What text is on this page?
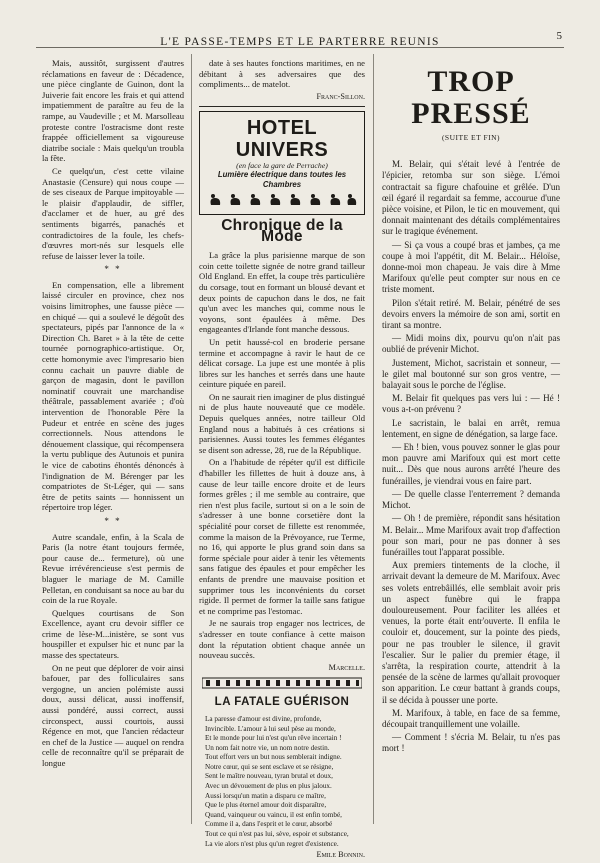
L'E PASSE-TEMPS ET LE PARTERRE REUNIS	5

Mais, aussitôt, surgissent d'autres réclamations en faveur de : Décadence, une pièce cinglante de Guinon, dont la Juiverie fait encore les frais et qui attend impatiemment de paraître au feu de la rampe, au Vaudeville ; et M. Marsolleau proteste contre l'ostracisme dont reste frappée officiellement sa vigoureuse diatribe sociale : Mais quelqu'un troubla la fête.

Ce quelqu'un, c'est cette vilaine Anastasie (Censure) qui nous coupe — de ses ciseaux de Parque impitoyable — le plaisir d'applaudir, de siffler, d'acclamer et de huer, au gré des sentiments bigarrés, panachés et contradictoires de la foule, les chefs-d'œuvres mort-nés sur lesquels elle refuse de laisser lever la toile.

* *

En compensation, elle a librement laissé circuler en province, chez nos voisins limitrophes, une fausse pièce — en chiqué — qui a soulevé le dégoût des spectateurs, pipés par l'annonce de la « Direction Ch. Baret » à la tête de cette tournée pornographico-artistique. Or, cette homonymie avec l'impresario bien connu cachait un pauvre diable de garçon de magasin, dont le pavillon nominatif couvrait une marchandise théâtrale, passablement avariée ; d'où intervention de l'honorable Père la Pudeur et entrée en scène des juges correctionnels. Nous attendons le dénouement classique, qui récompensera la vertu publique des Autunois et punira le vice de cabotins éhontés dénoncés à l'indignation de M. Bérenger par les compatriotes de St-Léger, qui — sans être de petits saints — honnissent un répertoire trop léger.

* *

Autre scandale, enfin, à la Scala de Paris (la notre étant toujours fermée, pour cause de... fermeture), où une Revue irrévérencieuse s'est permis de blaguer le mariage de M. Camille Pelletan, en conduisant sa noce au bar du coin de la rue Royale.

Quelques courtisans de Son Excellence, ayant cru devoir siffler ce crime de lèse-M...inistère, se sont vus houspiller et expulser hic et nunc par la masse des spectateurs.

On ne peut que déplorer de voir ainsi bafouer, par des folliculaires sans vergogne, un ancien polémiste aussi doux, aussi délicat, aussi inoffensif, aussi pondéré, aussi correct, aussi circonspect, aussi courtois, aussi Régence en mot, que l'ancien rédacteur en chef de la Justice — auquel on rendra celle de reconnaître qu'il se préparait de longue

date à ses hautes fonctions maritimes, en ne débitant à ses adversaires que des compliments... de matelot.

Franc-Sillon.
HOTEL UNIVERS
(en face la gare de Perrache)
Lumière électrique dans toutes les Chambres
Chronique de la Mode

La grâce la plus parisienne marque de son coin cette toilette signée de notre grand tailleur Old England. En effet, la coupe très particulière du corsage, tout en formant un blousé devant et deux points de capuchon dans le dos, ne fait qu'un avec les manches qui, comme nous le voyons, sont épaulées à même. Des engageantes d'Irlande font manche dessous.

Un petit haussé-col en broderie persane termine et accompagne à ravir le haut de ce délicat corsage. La jupe est une montée à plis libres sur les hanches et serrés dans une haute ceinture piquée en pareil.

On ne saurait rien imaginer de plus distingué ni de plus haute nouveauté que ce modèle. Depuis quelques années, notre tailleur Old England nous a habitués à ces créations si parisiennes. Aussi toutes les femmes élégantes se disent son adresse, 28, rue de la République.

On a l'habitude de répéter qu'il est difficile d'habiller les fillettes de huit à douze ans, à cause de leur taille encore droite et de leurs formes grêles ; il me semble au contraire, que rien n'est plus facile, surtout si on a le soin de s'adresser à une bonne corsetière dont la spécialité pour corset de fillette est renommée, comme la maison de la Prévoyance, rue Terme, no 16, qui apporte le plus grand soin dans sa forme spéciale pour aider à tenir les vêtements sans fatigue des épaules et pour empêcher les enfants de prendre une mauvaise position et supprimer tous les inconvénients du corset rigide. Il permet de former la taille sans fatigue et ne comprime pas l'estomac.

Je ne saurais trop engager nos lectrices, de s'adresser en toute confiance à cette maison dont la réputation obtient chaque année un nouveau succès.

Marcelle.
LA FATALE GUÉRISON
La paresse d'amour est divine, profonde,
Invincible. L'amour à lui seul pèse au monde,
Et le monde pour lui n'est qu'un rêve incertain !
Un nom fait notre vie, un nom notre destin.
Tout effort vers un but nous semblerait indigne.
Notre cœur, qui se sent esclave et se résigne,
Sent le maître nouveau, tyran brutal et doux,
Avec un dévouement de plus en plus jaloux.
Aussi lorsqu'un matin a disparu ce maître,
Que le plus éternel amour doit disparaître,
Quand, vainqueur ou vaincu, il est enfin tombé,
Comme il a, dans l'esprit et le cœur, absorbé
Tout ce qui n'est pas lui, sève, espoir et substance,
La vie alors n'est plus qu'un regret d'existence.
Emile Bonnin.
TROP PRESSÉ
(SUITE ET FIN)

M. Belair, qui s'était levé à l'entrée de l'épicier, retomba sur son siège. L'émoi contractait sa figure chafouine et grêlée. D'un œil égaré il regardait sa femme, accourue d'une pièce voisine, et Pilon, le tic en mouvement, qui donnait maintenant des détails complémentaires sur le tragique événement.

— Si ça vous a coupé bras et jambes, ça me coupe à moi l'appétit, dit M. Belair... Héloïse, donne-moi mon chapeau. Je vais dire à Mme Marifoux qu'elle peut compter sur nous en ce triste moment.

Pilon s'était retiré. M. Belair, pénétré de ses devoirs envers la mémoire de son ami, sortit en tirant sa montre.

— Midi moins dix, pourvu qu'on n'ait pas oublié de prévenir Michot.

Justement, Michot, sacristain et sonneur, — le gilet mal boutonné sur son gros ventre, — balayait sous le porche de l'église.

M. Belair fit quelques pas vers lui : — Hé ! vous a-t-on prévenu ?

Le sacristain, le balai en arrêt, remua lentement, en signe de dénégation, sa large face.

— Eh ! bien, vous pouvez sonner le glas pour mon pauvre ami Marifoux qui est mort cette nuit... Dès que nous aurons arrêté l'heure des funérailles, je viendrai vous en faire part.

— De quelle classe l'enterrement ? demanda Michot.

— Oh ! de première, répondit sans hésitation M. Belair... Mme Marifoux avait trop d'affection pour son mari, pour ne pas donner à ses funérailles tout l'apparat possible.

Aux premiers tintements de la cloche, il arrivait devant la demeure de M. Marifoux. Avec ses volets entrebâillés, elle semblait avoir pris un aspect funèbre qui le frappa douloureusement. Pour faciliter les allées et venues, la porte était entr'ouverte. Il enfila le couloir et, doucement, sur la pointe des pieds, pour ne pas troubler le silence, il gravit l'escalier. Sur le palier du premier étage, il s'arrêta, la respiration courte, attendrit à la pensée de la scène de larmes qu'allait provoquer son apparition. Le cœur battant à grands coups, il se décida à pousser une porte.

M. Marifoux, à table, en face de sa femme, découpait tranquillement une volaille.

— Comment ! s'écria M. Belair, tu n'es pas mort !
